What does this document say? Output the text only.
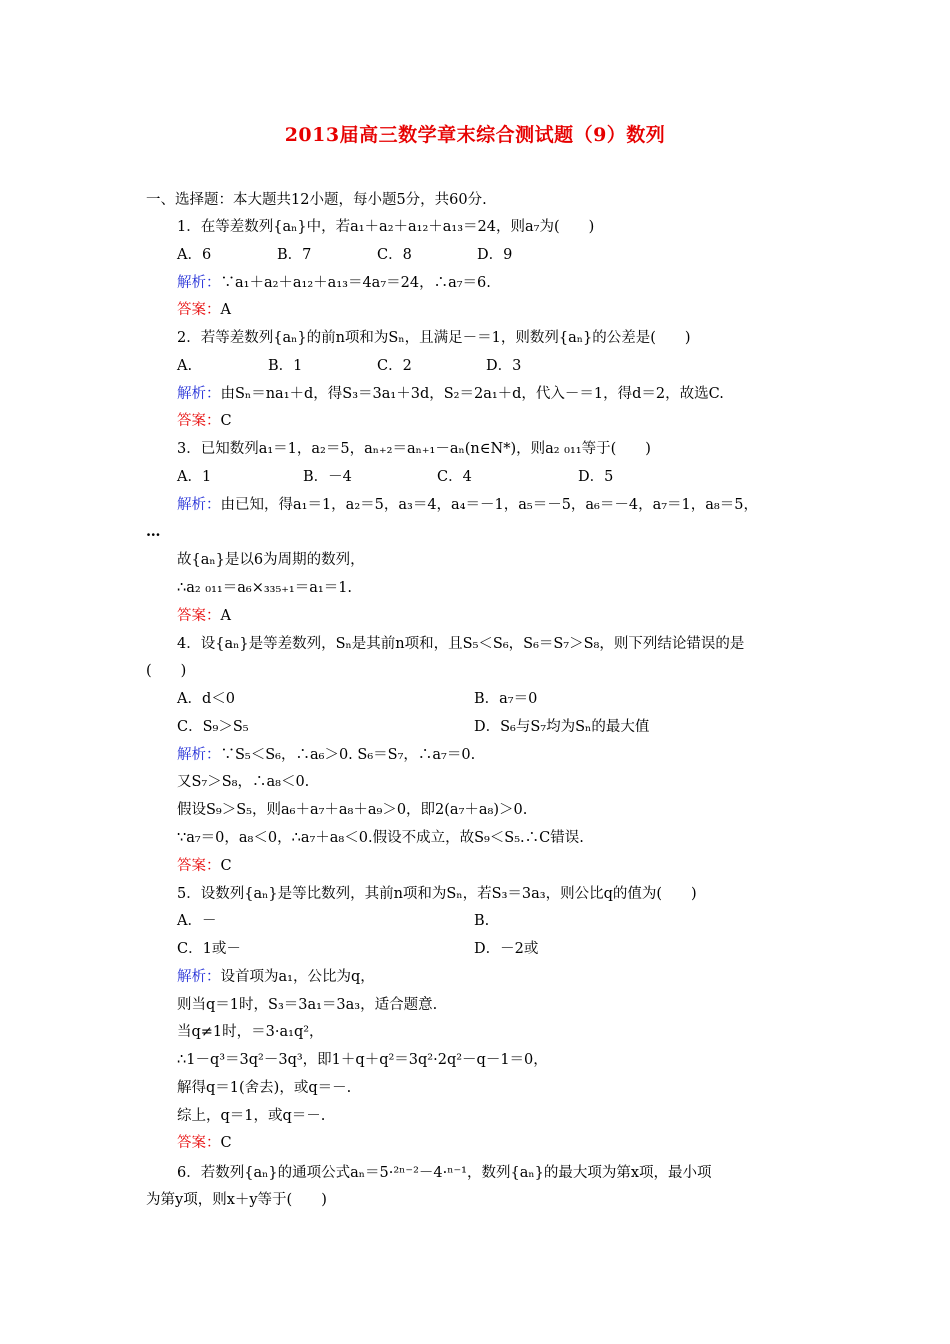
2013届高三数学章末综合测试题（9）数列
一、选择题：本大题共12小题，每小题5分，共60分.
1．在等差数列{aₙ}中，若a₁＋a₂＋a₁₂＋a₁₃＝24，则a₇为(　　)
A．6	B．7	C．8	D．9
解析：∵a₁＋a₂＋a₁₂＋a₁₃＝4a₇＝24，∴a₇＝6.
答案：A
2．若等差数列{aₙ}的前n项和为Sₙ，且满足－＝1，则数列{aₙ}的公差是(　　)
A.	B．1	C．2	D．3
解析：由Sₙ＝na₁＋d，得S₃＝3a₁＋3d，S₂＝2a₁＋d，代入－＝1，得d＝2，故选C.
答案：C
3．已知数列a₁＝1，a₂＝5，aₙ₊₂＝aₙ₊₁－aₙ(n∈N*)，则a₂ ₀₁₁等于(　　)
A．1	B．－4	C．4	D．5
解析：由已知，得a₁＝1，a₂＝5，a₃＝4，a₄＝－1，a₅＝－5，a₆＝－4，a₇＝1，a₈＝5，
…
故{aₙ}是以6为周期的数列，
∴a₂ ₀₁₁＝a₆×₃₃₅₊₁＝a₁＝1.
答案：A
4．设{aₙ}是等差数列，Sₙ是其前n项和，且S₅＜S₆，S₆＝S₇＞S₈，则下列结论错误的是
(　　)
A．d＜0	B．a₇＝0
C．S₉＞S₅	D．S₆与S₇均为Sₙ的最大值
解析：∵S₅＜S₆，∴a₆＞0. S₆＝S₇，∴a₇＝0.
又S₇＞S₈，∴a₈＜0.
假设S₉＞S₅，则a₆＋a₇＋a₈＋a₉＞0，即2(a₇＋a₈)＞0.
∵a₇＝0，a₈＜0，∴a₇＋a₈＜0.假设不成立，故S₉＜S₅.∴C错误.
答案：C
5．设数列{aₙ}是等比数列，其前n项和为Sₙ，若S₃＝3a₃，则公比q的值为(　　)
A．－	B.
C．1或－	D．－2或
解析：设首项为a₁，公比为q，
则当q＝1时，S₃＝3a₁＝3a₃，适合题意.
当q≠1时，＝3·a₁q²，
∴1－q³＝3q²－3q³，即1＋q＋q²＝3q²·2q²－q－1＝0，
解得q＝1(舍去)，或q＝－.
综上，q＝1，或q＝－.
答案：C
6．若数列{aₙ}的通项公式aₙ＝5·²ⁿ⁻²－4·ⁿ⁻¹，数列{aₙ}的最大项为第x项，最小项
为第y项，则x＋y等于(　　)
